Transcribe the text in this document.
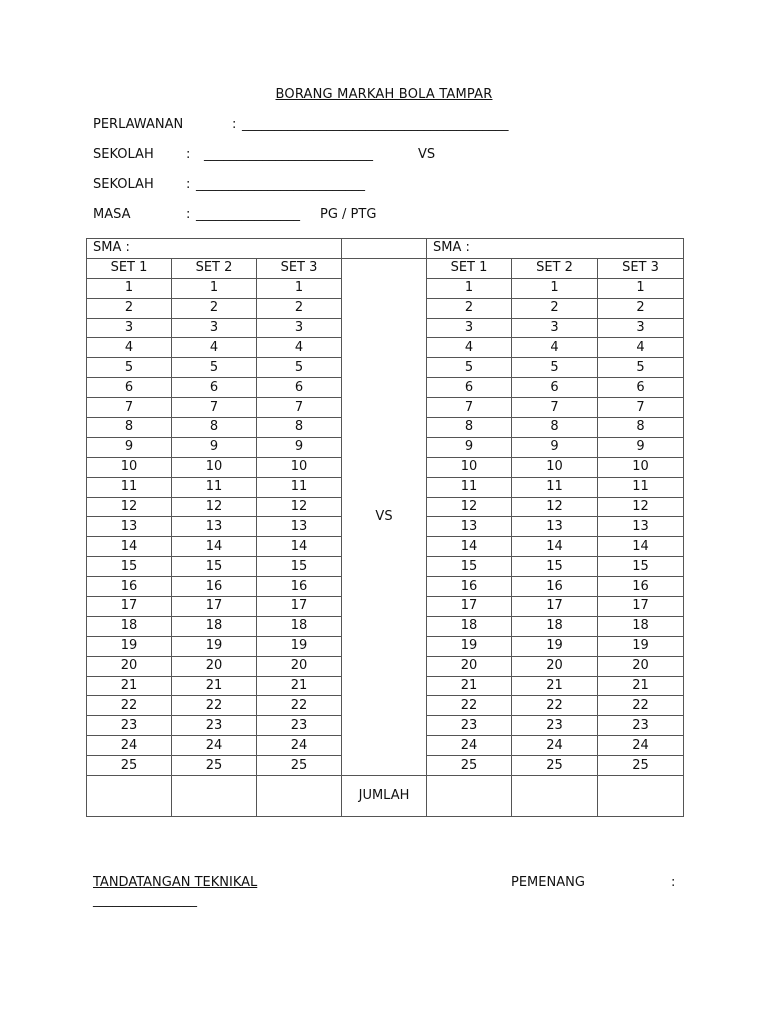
BORANG MARKAH BOLA TAMPAR
PERLAWANAN	: _________________________________________
SEKOLAH : __________________________	VS
SEKOLAH : __________________________
MASA	: ________________ PG / PTG
SMA :				SMA :		
SET 1	SET 2	SET 3	VS	SET 1	SET 2	SET 3
1	1	1		1	1	1
2	2	2		2	2	2
3	3	3		3	3	3
4	4	4		4	4	4
5	5	5		5	5	5
6	6	6		6	6	6
7	7	7		7	7	7
8	8	8		8	8	8
9	9	9		9	9	9
10	10	10		10	10	10
11	11	11		11	11	11
12	12	12		12	12	12
13	13	13		13	13	13
14	14	14		14	14	14
15	15	15		15	15	15
16	16	16		16	16	16
17	17	17		17	17	17
18	18	18		18	18	18
19	19	19		19	19	19
20	20	20		20	20	20
21	21	21		21	21	21
22	22	22		22	22	22
23	23	23		23	23	23
24	24	24		24	24	24
25	25	25		25	25	25
			JUMLAH			
TANDATANGAN TEKNIKAL
________________
PEMENANG	:
